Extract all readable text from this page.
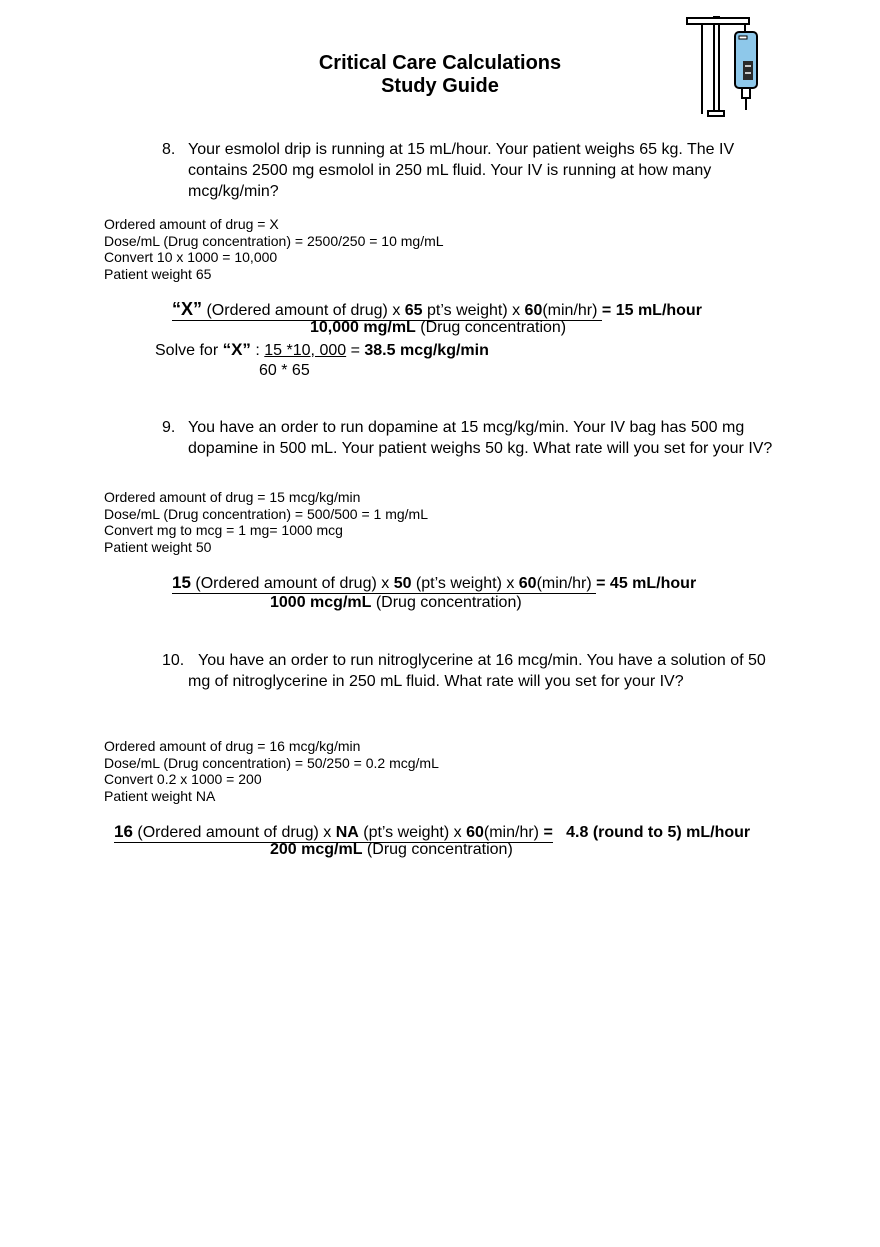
Critical Care Calculations
Study Guide
8. Your esmolol drip is running at 15 mL/hour. Your patient weighs 65 kg. The IV
contains 2500 mg esmolol in 250 mL fluid. Your IV is running at how many
mcg/kg/min?
Ordered amount of drug = X
Dose/mL (Drug concentration) = 2500/250 = 10 mg/mL
Convert 10 x 1000 = 10,000
Patient weight 65
“X” (Ordered amount of drug) x 65 pt’s weight) x 60(min/hr) = 15 mL/hour
10,000 mg/mL (Drug concentration)
Solve for “X” : 15 *10, 000 = 38.5 mcg/kg/min
60 * 65
9. You have an order to run dopamine at 15 mcg/kg/min. Your IV bag has 500 mg
dopamine in 500 mL. Your patient weighs 50 kg. What rate will you set for your IV?
Ordered amount of drug = 15 mcg/kg/min
Dose/mL (Drug concentration) = 500/500 = 1 mg/mL
Convert mg to mcg = 1 mg= 1000 mcg
Patient weight 50
15 (Ordered amount of drug) x 50 (pt’s weight) x 60(min/hr) = 45 mL/hour
1000 mcg/mL (Drug concentration)
10. You have an order to run nitroglycerine at 16 mcg/min. You have a solution of 50
mg of nitroglycerine in 250 mL fluid. What rate will you set for your IV?
Ordered amount of drug = 16 mcg/kg/min
Dose/mL (Drug concentration) = 50/250 = 0.2 mcg/mL
Convert 0.2 x 1000 = 200
Patient weight NA
16 (Ordered amount of drug) x NA (pt’s weight) x 60(min/hr) = 4.8 (round to 5) mL/hour
200 mcg/mL (Drug concentration)
